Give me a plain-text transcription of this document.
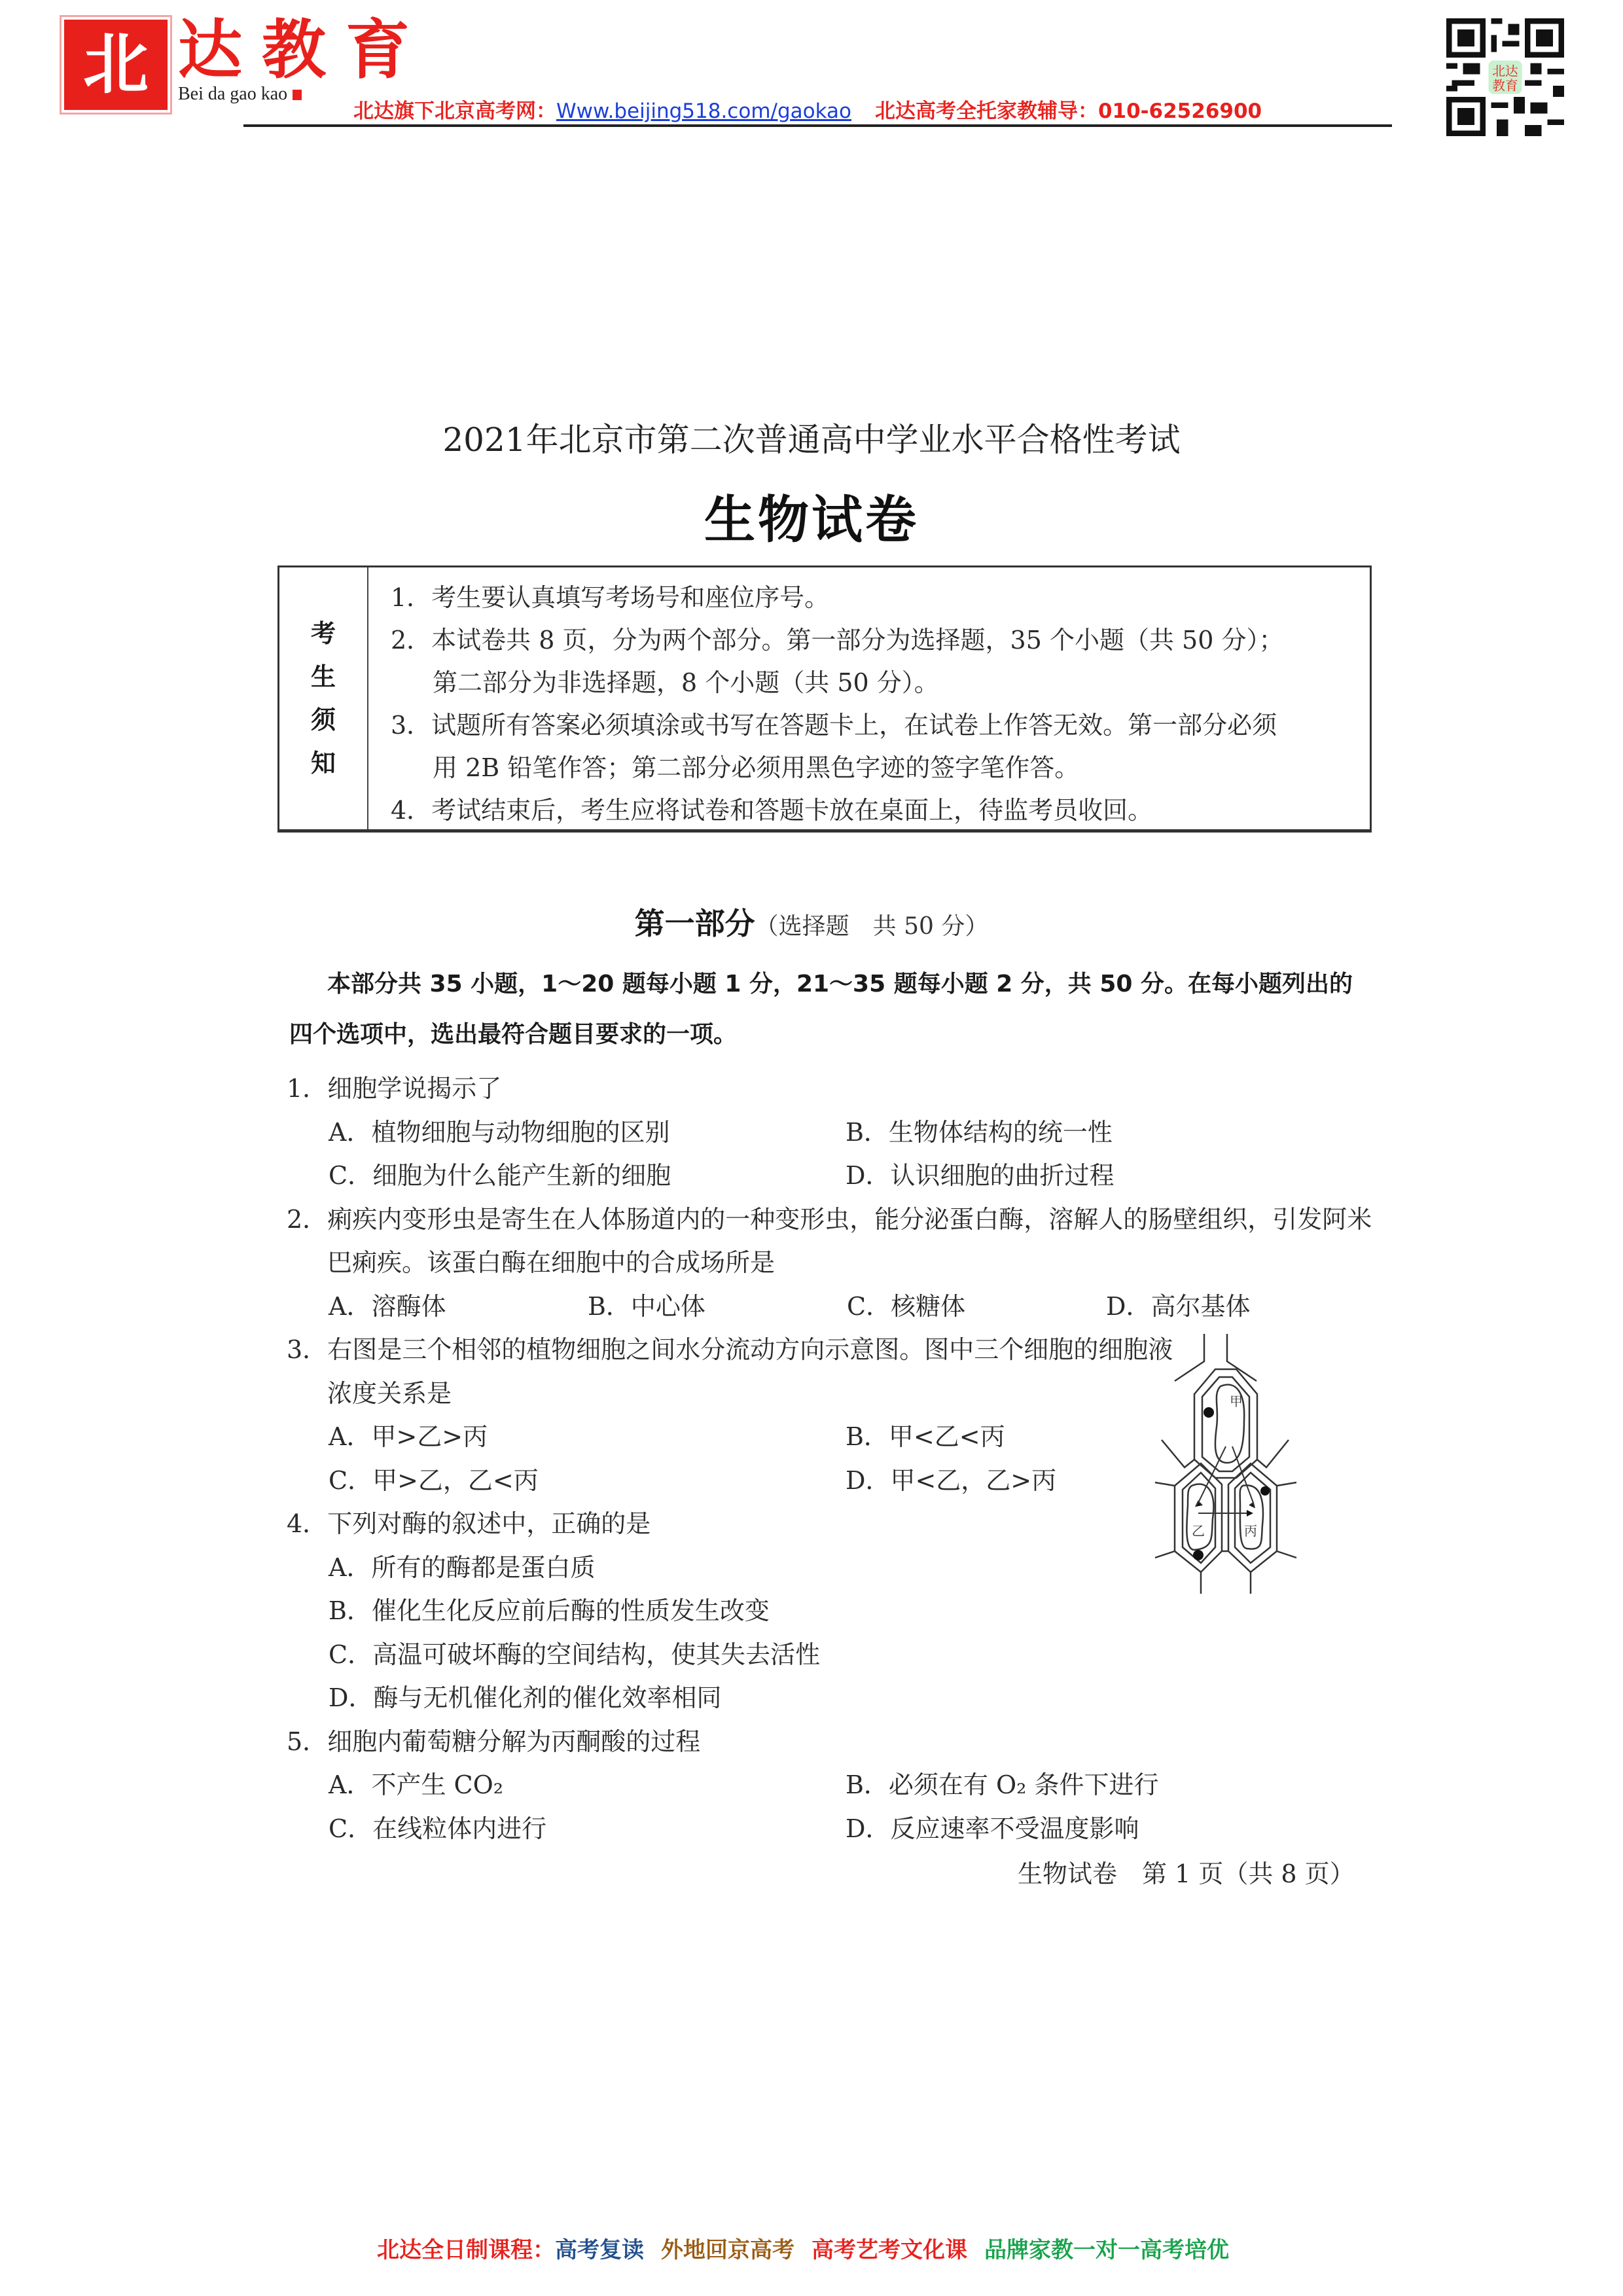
北 达教育
Bei da gao kao
北达旗下北京高考网：Www.beijing518.com/gaokao 北达高考全托家教辅导：010-62526900
北达
教育
2021年北京市第二次普通高中学业水平合格性考试
生物试卷
考
生
须
知
1．考生要认真填写考场号和座位序号。
2．本试卷共 8 页，分为两个部分。第一部分为选择题，35 个小题（共 50 分）；
第二部分为非选择题，8 个小题（共 50 分）。
3．试题所有答案必须填涂或书写在答题卡上，在试卷上作答无效。第一部分必须
用 2B 铅笔作答；第二部分必须用黑色字迹的签字笔作答。
4．考试结束后，考生应将试卷和答题卡放在桌面上，待监考员收回。
第一部分（选择题　共 50 分）
本部分共 35 小题，1～20 题每小题 1 分，21～35 题每小题 2 分，共 50 分。在每小题列出的四个选项中，选出最符合题目要求的一项。
1．细胞学说揭示了
A．植物细胞与动物细胞的区别	B．生物体结构的统一性
C．细胞为什么能产生新的细胞	D．认识细胞的曲折过程
2．痢疾内变形虫是寄生在人体肠道内的一种变形虫，能分泌蛋白酶，溶解人的肠壁组织，引发阿米巴痢疾。该蛋白酶在细胞中的合成场所是
A．溶酶体	B．中心体	C．核糖体	D．高尔基体
3．右图是三个相邻的植物细胞之间水分流动方向示意图。图中三个细胞的细胞液浓度关系是
A．甲>乙>丙	B．甲<乙<丙
C．甲>乙，乙<丙	D．甲<乙，乙>丙
4．下列对酶的叙述中，正确的是
A．所有的酶都是蛋白质
B．催化生化反应前后酶的性质发生改变
C．高温可破坏酶的空间结构，使其失去活性
D．酶与无机催化剂的催化效率相同
5．细胞内葡萄糖分解为丙酮酸的过程
A．不产生 CO₂	B．必须在有 O₂ 条件下进行
C．在线粒体内进行	D．反应速率不受温度影响
甲
乙	丙
生物试卷　第 1 页（共 8 页）
北达全日制课程：高考复读 外地回京高考 高考艺考文化课 品牌家教一对一高考培优
